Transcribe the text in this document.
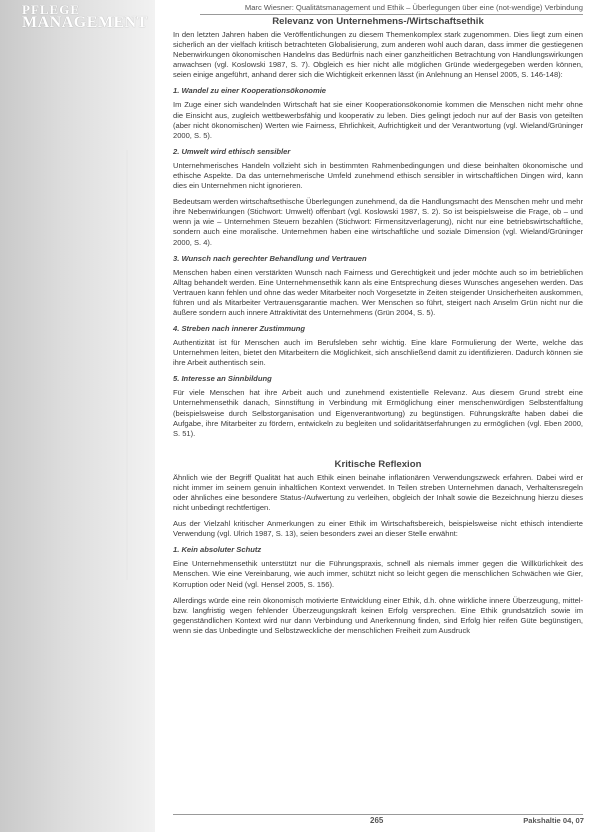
PFLEGE
MANAGEMENT
Marc Wiesner: Qualitätsmanagement und Ethik – Überlegungen über eine (not-wendige) Verbindung
Relevanz von Unternehmens-/Wirtschaftsethik

In den letzten Jahren haben die Veröffentlichungen zu diesem Themenkomplex stark zugenommen. Dies liegt zum einen sicherlich an der vielfach kritisch betrachteten Globalisierung, zum anderen wohl auch daran, dass immer die gestiegenen Nebenwirkungen ökonomischen Handelns das Bedürfnis nach einer ganzheitlichen Betrachtung von Handlungswirkungen anwachsen (vgl. Koslowski 1987, S. 7). Obgleich es hier nicht alle möglichen Gründe wiedergegeben werden können, seien einige angeführt, anhand derer sich die Wichtigkeit erkennen lässt (in Anlehnung an Hensel 2005, S. 146-148):

1. Wandel zu einer Kooperationsökonomie

Im Zuge einer sich wandelnden Wirtschaft hat sie einer Kooperationsökonomie kommen die Menschen nicht mehr ohne die Einsicht aus, zugleich wettbewerbsfähig und kooperativ zu leben. Dies gelingt jedoch nur auf der Basis von geteilten (aber nicht ökonomischen) Werten wie Fairness, Ehrlichkeit, Aufrichtigkeit und der Verantwortung (vgl. Wieland/Grüninger 2000, S. 5).

2. Umwelt wird ethisch sensibler

Unternehmerisches Handeln vollzieht sich in bestimmten Rahmenbedingungen und diese beinhalten ökonomische und ethische Aspekte. Da das unternehmerische Umfeld zunehmend ethisch sensibler in wirtschaftlichen Dingen wird, kann dies ein Unternehmen nicht ignorieren.

Bedeutsam werden wirtschaftsethische Überlegungen zunehmend, da die Handlungsmacht des Menschen mehr und mehr ihre Nebenwirkungen (Stichwort: Umwelt) offenbart (vgl. Koslowski 1987, S. 2). So ist beispielsweise die Frage, ob – und wenn ja wie – Unternehmen Steuern bezahlen (Stichwort: Firmensitzverlagerung), nicht nur eine betriebswirtschaftliche, sondern auch eine moralische. Unternehmen haben eine wirtschaftliche und soziale Dimension (vgl. Wieland/Grüninger 2000, S. 4).

3. Wunsch nach gerechter Behandlung und Vertrauen

Menschen haben einen verstärkten Wunsch nach Fairness und Gerechtigkeit und jeder möchte auch so im betrieblichen Alltag behandelt werden. Eine Unternehmensethik kann als eine Entsprechung dieses Wunsches angesehen werden. Das Vertrauen kann fehlen und ohne das weder Mitarbeiter noch Vorgesetzte in Zeiten steigender Unsicherheiten auskommen, führen und als Mitarbeiter Vertrauensgarantie machen. Wer Menschen so führt, steigert nach Anselm Grün nicht nur die äußere sondern auch innere Attraktivität des Unternehmens (Grün 2004, S. 5).

4. Streben nach innerer Zustimmung

Authentizität ist für Menschen auch im Berufsleben sehr wichtig. Eine klare Formulierung der Werte, welche das Unternehmen leiten, bietet den Mitarbeitern die Möglichkeit, sich anschließend damit zu identifizieren. Dadurch können sie ihre Arbeit authentisch sein.

5. Interesse an Sinnbildung

Für viele Menschen hat ihre Arbeit auch und zunehmend existentielle Relevanz. Aus diesem Grund strebt eine Unternehmensethik danach, Sinnstiftung in Verbindung mit Ermöglichung einer menschenwürdigen Selbstentfaltung (beispielsweise durch Selbstorganisation und Eigenverantwortung) zu begünstigen. Führungskräfte haben dabei die Aufgabe, ihre Mitarbeiter zu fördern, entwickeln zu begleiten und solidaritätserfahrungen zu ermöglichen (vgl. Eben 2000, S. 51).

Kritische Reflexion

Ähnlich wie der Begriff Qualität hat auch Ethik einen beinahe inflationären Verwendungszweck erfahren. Dabei wird er nicht immer im seinem genuin inhaltlichen Kontext verwendet. In Teilen streben Unternehmen danach, Verhaltensregeln oder ähnliches eine besondere Status-/Aufwertung zu verleihen, obgleich der Inhalt sowie die Bezeichnung hierzu dieses nicht unbedingt rechtfertigen.

Aus der Vielzahl kritischer Anmerkungen zu einer Ethik im Wirtschaftsbereich, beispielsweise nicht ethisch intendierte Verwendung (vgl. Ulrich 1987, S. 13), seien besonders zwei an dieser Stelle erwähnt:

1. Kein absoluter Schutz

Eine Unternehmensethik unterstützt nur die Führungspraxis, schnell als niemals immer gegen die Willkürlichkeit des Menschen. Wie eine Vereinbarung, wie auch immer, schützt nicht so leicht gegen die menschlichen Schwächen wie Gier, Korruption oder Neid (vgl. Hensel 2005, S. 156).

Allerdings würde eine rein ökonomisch motivierte Entwicklung einer Ethik, d.h. ohne wirkliche innere Überzeugung, mittel- bzw. langfristig wegen fehlender Überzeugungskraft keinen Erfolg versprechen. Eine Ethik grundsätzlich sowie im gegenständlichen Kontext wird nur dann Verbindung und Anerkennung finden, sind Erfolg hier reifen Güte begünstigen, wenn sie das Unbedingte und Selbstzweckliche der menschlichen Freiheit zum Ausdruck

265	Pakshaltie 04, 07
